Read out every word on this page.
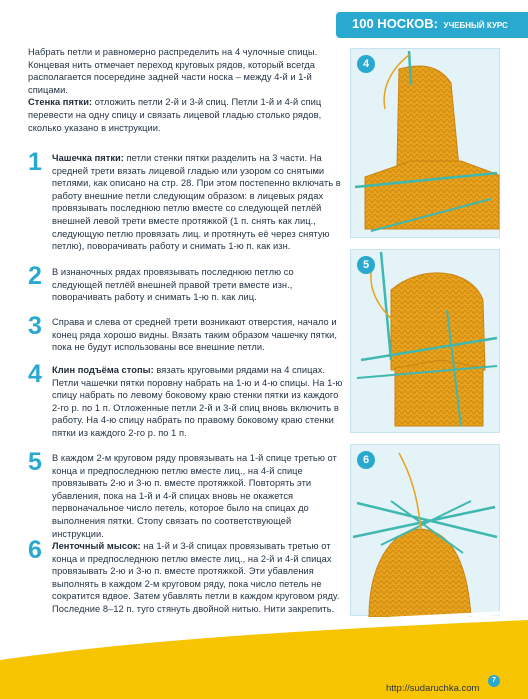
100 НОСКОВ: УЧЕБНЫЙ КУРС

Набрать петли и равномерно распределить на 4 чулочные спицы. Концевая нить отмечает переход круговых рядов, который всегда располагается посередине задней части носка – между 4-й и 1-й спицами.

Стенка пятки: отложить петли 2-й и 3-й спиц. Петли 1-й и 4-й спиц перевести на одну спицу и связать лицевой гладью столько рядов, сколько указано в инструкции.

1 Чашечка пятки: петли стенки пятки разделить на 3 части. На средней трети вязать лицевой гладью или узором со снятыми петлями, как описано на стр. 28. При этом постепенно включать в работу внешние петли следующим образом: в лицевых рядах провязывать последнюю петлю вместе со следующей петлёй внешней левой трети вместе протяжкой (1 п. снять как лиц., следующую петлю провязать лиц. и протянуть её через снятую петлю), поворачивать работу и снимать 1-ю п. как изн.

2 В изнаночных рядах провязывать последнюю петлю со следующей петлёй внешней правой трети вместе изн., поворачивать работу и снимать 1-ю п. как лиц.

3 Справа и слева от средней трети возникают отверстия, начало и конец ряда хорошо видны. Вязать таким образом чашечку пятки, пока не будут использованы все внешние петли.

4 Клин подъёма стопы: вязать круговыми рядами на 4 спицах. Петли чашечки пятки поровну набрать на 1-ю и 4-ю спицы. На 1-ю спицу набрать по левому боковому краю стенки пятки из каждого 2-го р. по 1 п. Отложенные петли 2-й и 3-й спиц вновь включить в работу. На 4-ю спицу набрать по правому боковому краю стенки пятки из каждого 2-го р. по 1 п.

5 В каждом 2-м круговом ряду провязывать на 1-й спице третью от конца и предпоследнюю петлю вместе лиц., на 4-й спице провязывать 2-ю и 3-ю п. вместе протяжкой. Повторять эти убавления, пока на 1-й и 4-й спицах вновь не окажется первоначальное число петель, которое было на спицах до выполнения пятки. Стопу связать по соответствующей инструкции.

6 Ленточный мысок: на 1-й и 3-й спицах провязывать третью от конца и предпоследнюю петлю вместе лиц., на 2-й и 4-й спицах провязывать 2-ю и 3-ю п. вместе протяжкой. Эти убавления выполнять в каждом 2-м круговом ряду, пока число петель не сократится вдвое. Затем убавлять петли в каждом круговом ряду. Последние 8–12 п. туго стянуть двойной нитью. Нити закрепить.

4
5
6
7
http://sudaruchka.com
